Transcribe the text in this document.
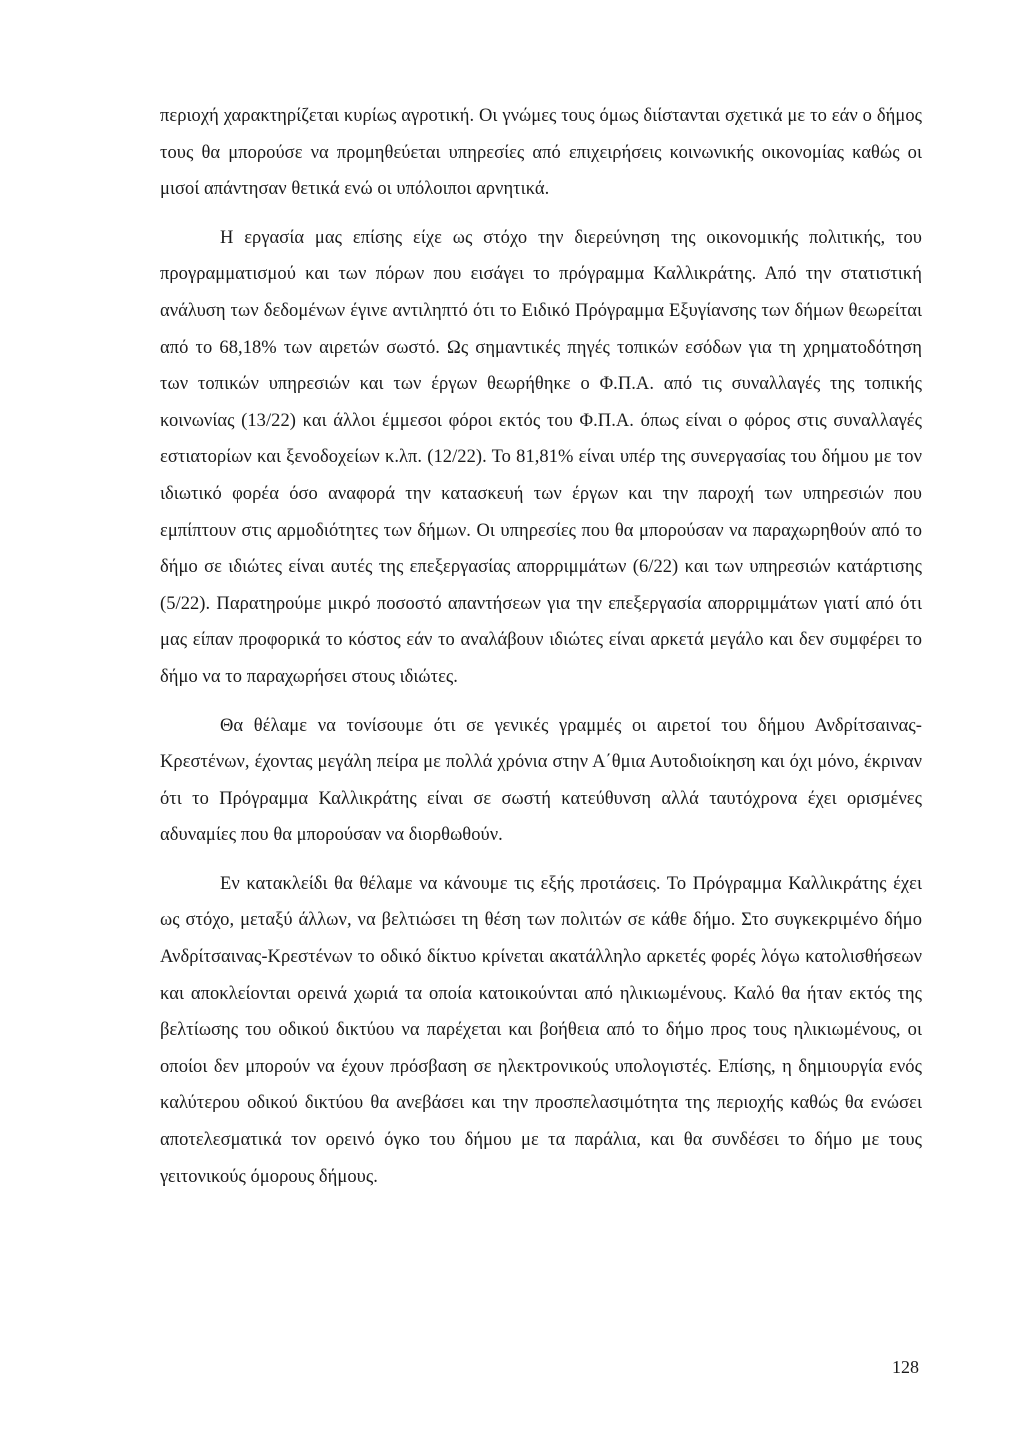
περιοχή χαρακτηρίζεται κυρίως αγροτική. Οι γνώμες τους όμως διίστανται σχετικά με το εάν ο δήμος τους θα μπορούσε να προμηθεύεται υπηρεσίες από επιχειρήσεις κοινωνικής οικονομίας καθώς οι μισοί απάντησαν θετικά ενώ οι υπόλοιποι αρνητικά.

Η εργασία μας επίσης είχε ως στόχο την διερεύνηση της οικονομικής πολιτικής, του προγραμματισμού και των πόρων που εισάγει το πρόγραμμα Καλλικράτης. Από την στατιστική ανάλυση των δεδομένων έγινε αντιληπτό ότι το Ειδικό Πρόγραμμα Εξυγίανσης των δήμων θεωρείται από το 68,18% των αιρετών σωστό. Ως σημαντικές πηγές τοπικών εσόδων για τη χρηματοδότηση των τοπικών υπηρεσιών και των έργων θεωρήθηκε ο Φ.Π.Α. από τις συναλλαγές της τοπικής κοινωνίας (13/22) και άλλοι έμμεσοι φόροι εκτός του Φ.Π.Α. όπως είναι ο φόρος στις συναλλαγές εστιατορίων και ξενοδοχείων κ.λπ. (12/22). Το 81,81% είναι υπέρ της συνεργασίας του δήμου με τον ιδιωτικό φορέα όσο αναφορά την κατασκευή των έργων και την παροχή των υπηρεσιών που εμπίπτουν στις αρμοδιότητες των δήμων. Οι υπηρεσίες που θα μπορούσαν να παραχωρηθούν από το δήμο σε ιδιώτες είναι αυτές της επεξεργασίας απορριμμάτων (6/22) και των υπηρεσιών κατάρτισης (5/22). Παρατηρούμε μικρό ποσοστό απαντήσεων για την επεξεργασία απορριμμάτων γιατί από ότι μας είπαν προφορικά το κόστος εάν το αναλάβουν ιδιώτες είναι αρκετά μεγάλο και δεν συμφέρει το δήμο να το παραχωρήσει στους ιδιώτες.

Θα θέλαμε να τονίσουμε ότι σε γενικές γραμμές οι αιρετοί του δήμου Ανδρίτσαινας-Κρεστένων, έχοντας μεγάλη πείρα με πολλά χρόνια στην Α΄θμια Αυτοδιοίκηση και όχι μόνο, έκριναν ότι το Πρόγραμμα Καλλικράτης είναι σε σωστή κατεύθυνση αλλά ταυτόχρονα έχει ορισμένες αδυναμίες που θα μπορούσαν να διορθωθούν.

Εν κατακλείδι θα θέλαμε να κάνουμε τις εξής προτάσεις. Το Πρόγραμμα Καλλικράτης έχει ως στόχο, μεταξύ άλλων, να βελτιώσει τη θέση των πολιτών σε κάθε δήμο. Στο συγκεκριμένο δήμο Ανδρίτσαινας-Κρεστένων το οδικό δίκτυο κρίνεται ακατάλληλο αρκετές φορές λόγω κατολισθήσεων και αποκλείονται ορεινά χωριά τα οποία κατοικούνται από ηλικιωμένους. Καλό θα ήταν εκτός της βελτίωσης του οδικού δικτύου να παρέχεται και βοήθεια από το δήμο προς τους ηλικιωμένους, οι οποίοι δεν μπορούν να έχουν πρόσβαση σε ηλεκτρονικούς υπολογιστές. Επίσης, η δημιουργία ενός καλύτερου οδικού δικτύου θα ανεβάσει και την προσπελασιμότητα της περιοχής καθώς θα ενώσει αποτελεσματικά τον ορεινό όγκο του δήμου με τα παράλια, και θα συνδέσει το δήμο με τους γειτονικούς όμορους δήμους.

128
